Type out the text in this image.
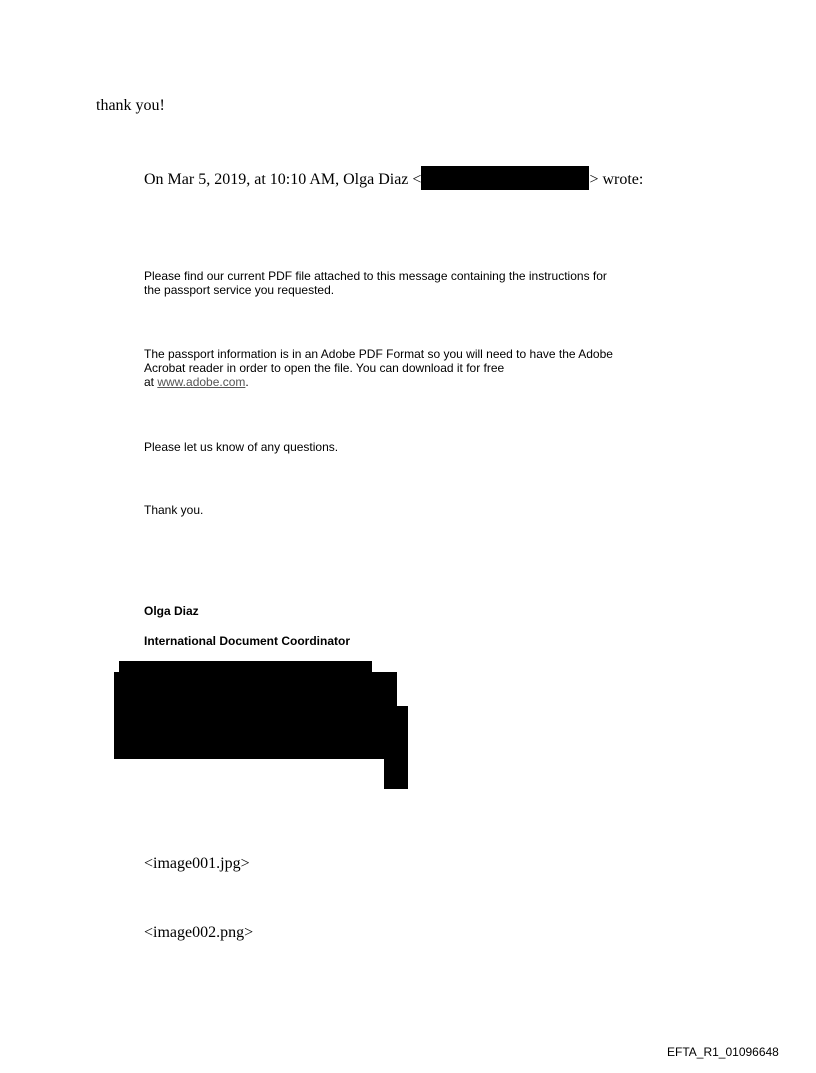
thank you!

On Mar 5, 2019, at 10:10 AM, Olga Diaz <	> wrote:

Please find our current PDF file attached to this message containing the instructions for
the passport service you requested.
The passport information is in an Adobe PDF Format so you will need to have the Adobe
Acrobat reader in order to open the file. You can download it for free
at www.adobe.com.

Please let us know of any questions.

Thank you.

Olga Diaz

International Document Coordinator

<image001.jpg>

<image002.png>

EFTA_R1_01096648
